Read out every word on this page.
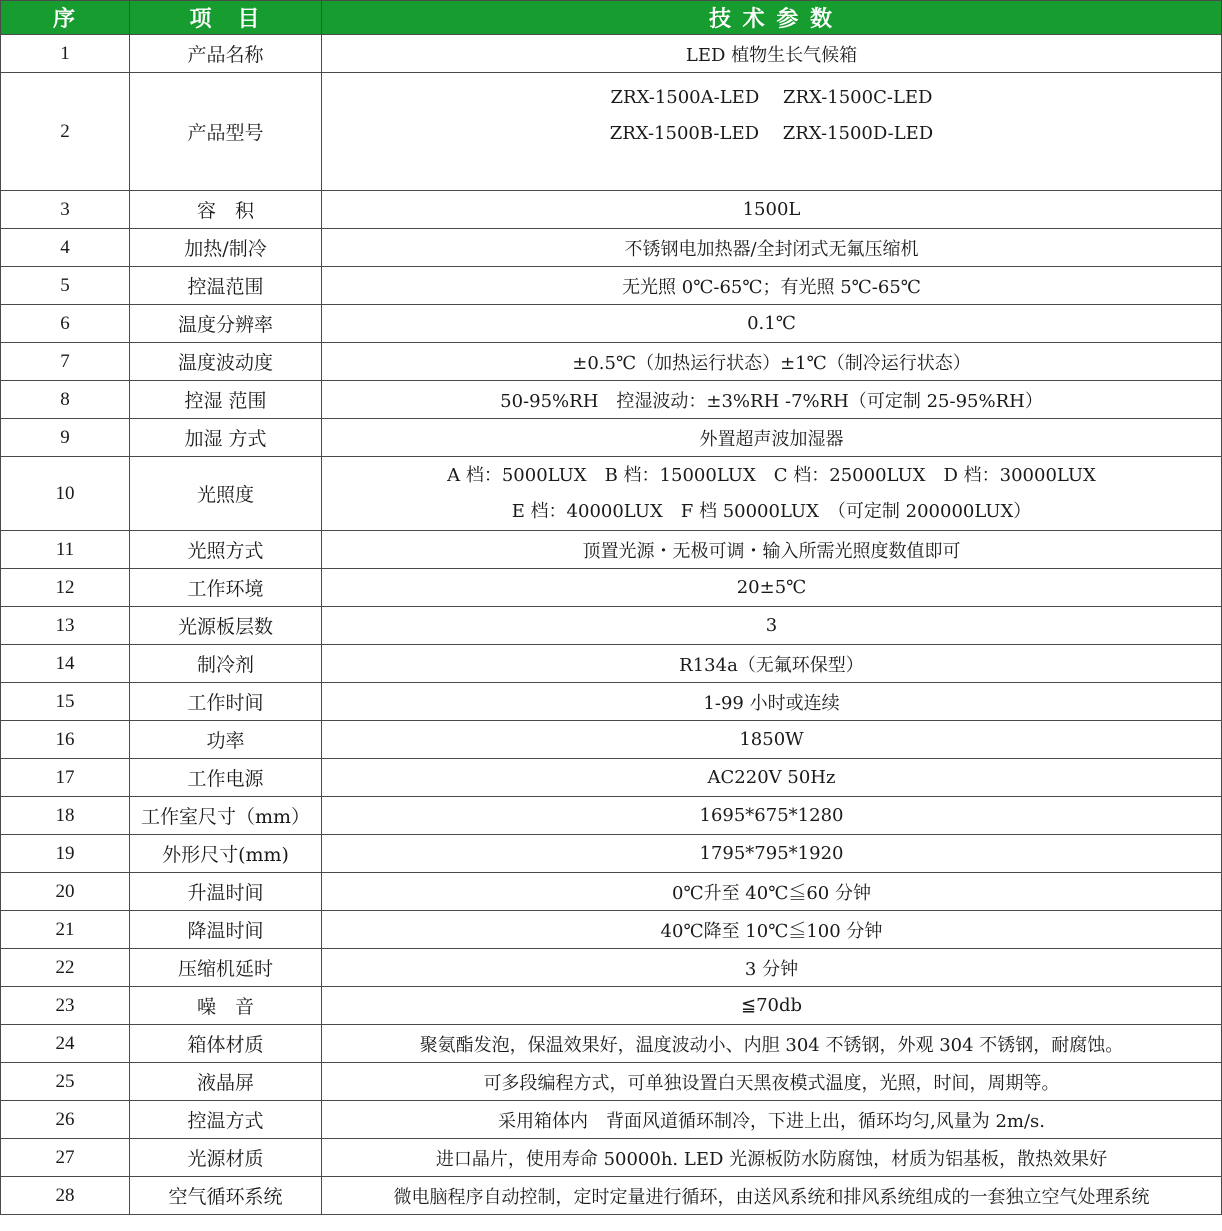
序	项　目	技 术 参 数
1	产品名称	LED 植物生长气候箱
2	产品型号	ZRX-1500A-LED　 ZRX-1500C-LED
ZRX-1500B-LED　 ZRX-1500D-LED

3	容　积	1500L
4	加热/制冷	不锈钢电加热器/全封闭式无氟压缩机
5	控温范围	无光照 0℃-65℃；有光照 5℃-65℃
6	温度分辨率	0.1℃
7	温度波动度	±0.5℃（加热运行状态）±1℃（制冷运行状态）
8	控湿 范围	50-95%RH　控湿波动：±3%RH -7%RH（可定制 25-95%RH）
9	加湿 方式	外置超声波加湿器
10	光照度	A 档：5000LUX　B 档：15000LUX　C 档：25000LUX　D 档：30000LUX
E 档：40000LUX　F 档 50000LUX　（可定制 200000LUX）

11	光照方式	顶置光源・无极可调・输入所需光照度数值即可
12	工作环境	20±5℃
13	光源板层数	3
14	制冷剂	R134a（无氟环保型）
15	工作时间	1-99 小时或连续
16	功率	1850W
17	工作电源	AC220V 50Hz
18	工作室尺寸（mm）	1695*675*1280
19	外形尺寸(mm)	1795*795*1920
20	升温时间	0℃升至 40℃≦60 分钟
21	降温时间	40℃降至 10℃≦100 分钟
22	压缩机延时	3 分钟
23	噪　音	≦70db
24	箱体材质	聚氨酯发泡，保温效果好，温度波动小、内胆 304 不锈钢，外观 304 不锈钢，耐腐蚀。
25	液晶屏	可多段编程方式，可单独设置白天黑夜模式温度，光照，时间，周期等。
26	控温方式	采用箱体内　背面风道循环制冷，下进上出，循环均匀,风量为 2m/s.
27	光源材质	进口晶片，使用寿命 50000h. LED 光源板防水防腐蚀，材质为铝基板，散热效果好
28	空气循环系统	微电脑程序自动控制，定时定量进行循环，由送风系统和排风系统组成的一套独立空气处理系统
